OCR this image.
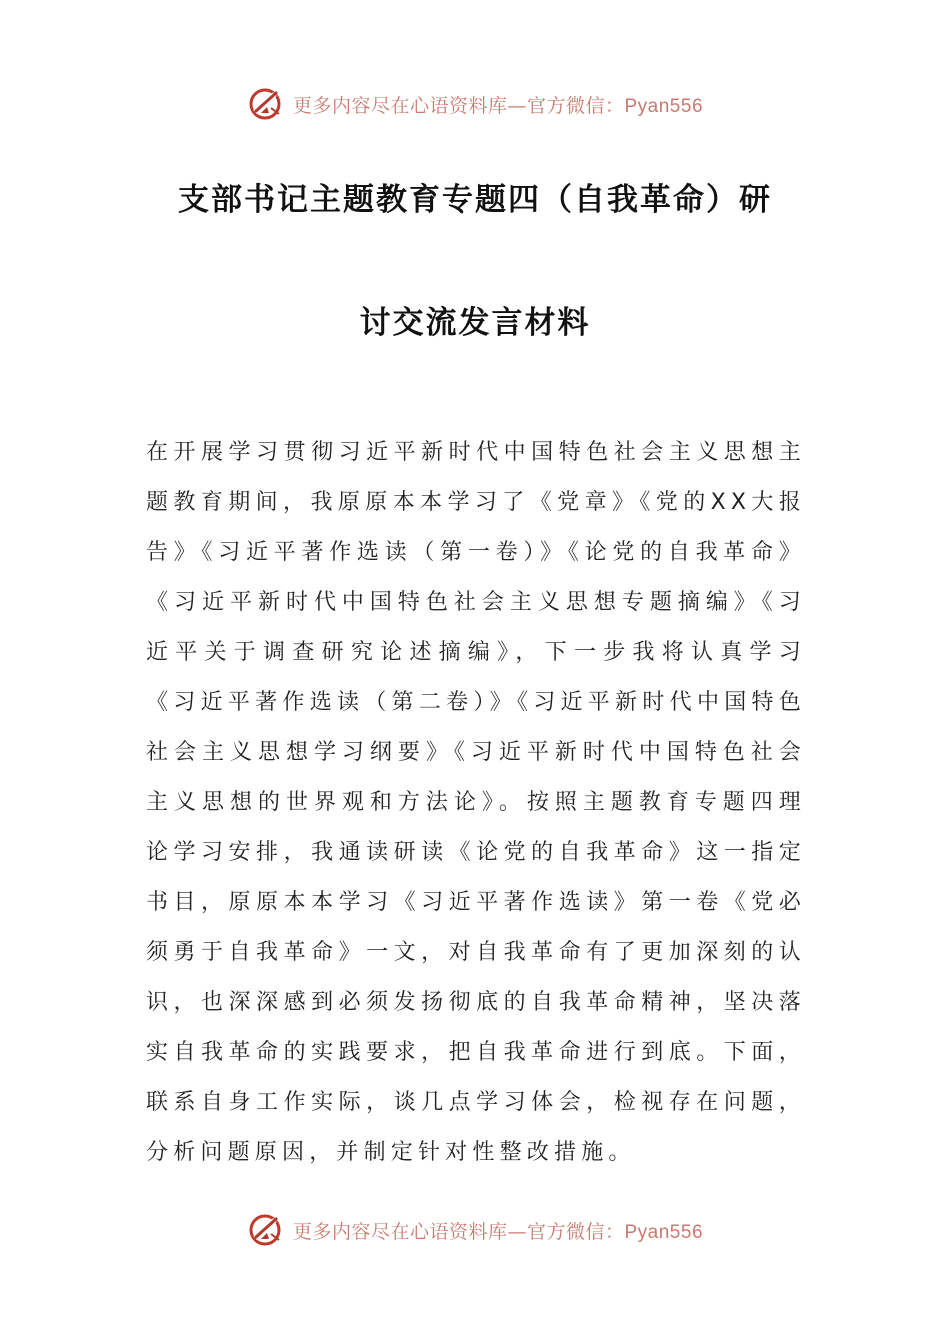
更多内容尽在心语资料库—官方微信：Pyan556
支部书记主题教育专题四（自我革命）研
讨交流发言材料

在开展学习贯彻习近平新时代中国特色社会主义思想主题教育期间，我原原本本学习了《党章》《党的XX大报告》《习近平著作选读（第一卷）》《论党的自我革命》《习近平新时代中国特色社会主义思想专题摘编》《习近平关于调查研究论述摘编》，下一步我将认真学习《习近平著作选读（第二卷）》《习近平新时代中国特色社会主义思想学习纲要》《习近平新时代中国特色社会主义思想的世界观和方法论》。按照主题教育专题四理论学习安排，我通读研读《论党的自我革命》这一指定书目，原原本本学习《习近平著作选读》第一卷《党必须勇于自我革命》一文，对自我革命有了更加深刻的认识，也深深感到必须发扬彻底的自我革命精神，坚决落实自我革命的实践要求，把自我革命进行到底。下面，联系自身工作实际，谈几点学习体会，检视存在问题，分析问题原因，并制定针对性整改措施。

更多内容尽在心语资料库—官方微信：Pyan556
